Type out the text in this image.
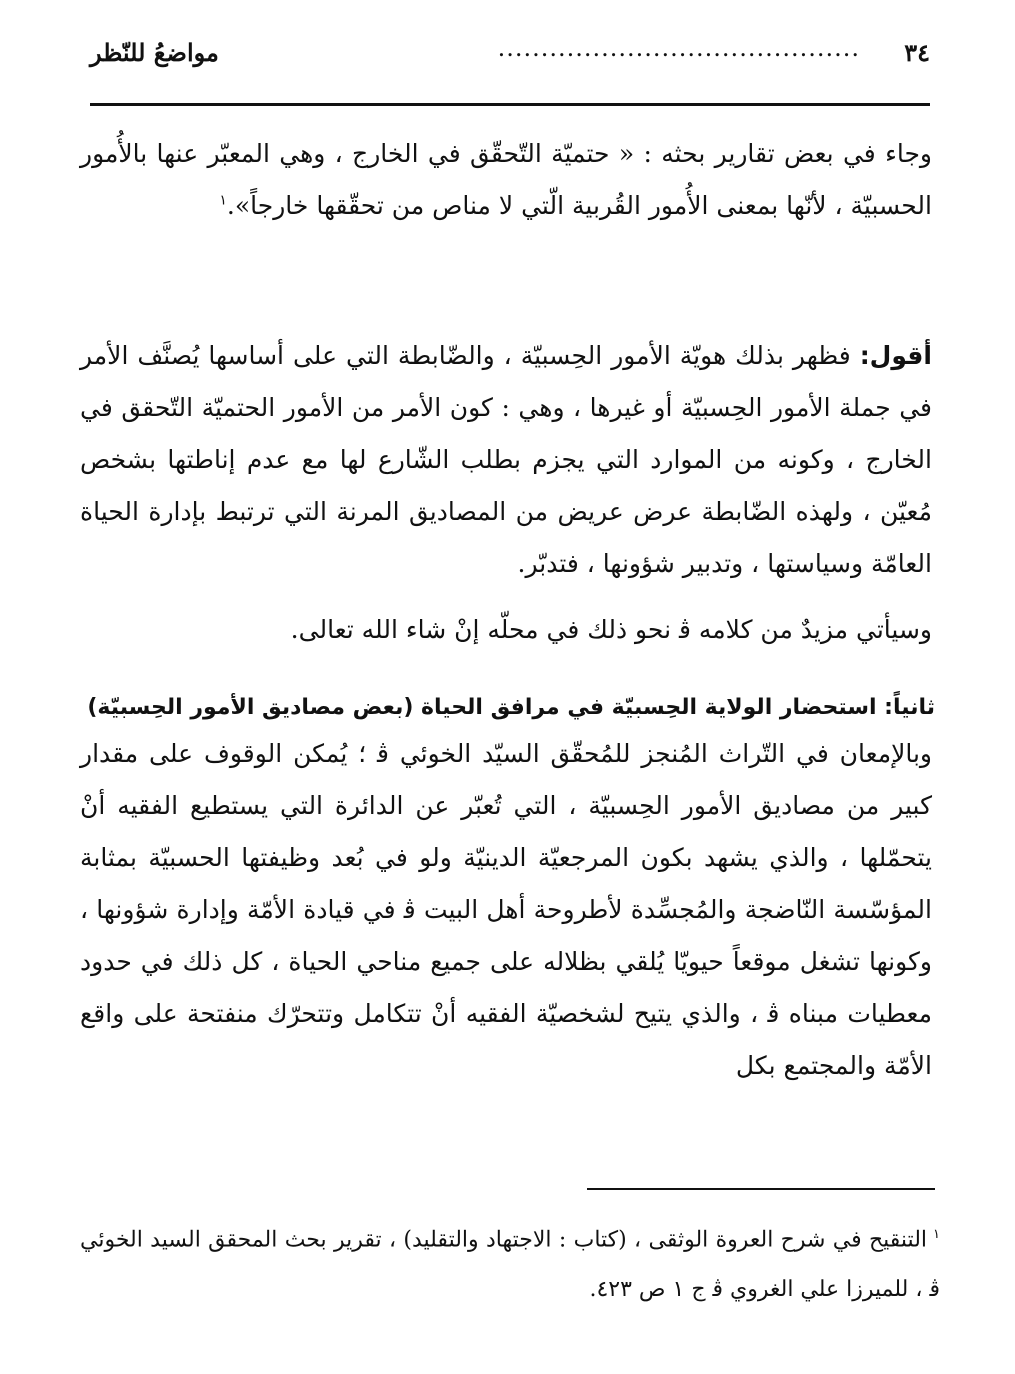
٣٤
..........................................
مواضعُ للنّظر
وجاء في بعض تقارير بحثه : « حتميّة التّحقّق في الخارج ، وهي المعبّر عنها بالأُمور الحسبيّة ، لأنّها بمعنى الأُمور القُربية الّتي لا مناص من تحقّقها خارجاً».$^١$
أقول: فظهر بذلك هويّة الأمور الحِسبيّة ، والضّابطة التي على أساسها يُصنَّف الأمر في جملة الأمور الحِسبيّة أو غيرها ، وهي : كون الأمر من الأمور الحتميّة التّحقق في الخارج ، وكونه من الموارد التي يجزم بطلب الشّارع لها مع عدم إناطتها بشخص مُعيّن ، ولهذه الضّابطة عرض عريض من المصاديق المرنة التي ترتبط بإدارة الحياة العامّة وسياستها ، وتدبير شؤونها ، فتدبّر.
وسيأتي مزيدٌ من كلامه ﭬ نحو ذلك في محلّه إنْ شاء الله تعالى.
ثانياً: استحضار الولاية الحِسبيّة في مرافق الحياة (بعض مصاديق الأمور الحِسبيّة)
وبالإمعان في التّراث المُنجز للمُحقّق السيّد الخوئي ﭬ ؛ يُمكن الوقوف على مقدار كبير من مصاديق الأمور الحِسبيّة ، التي تُعبّر عن الدائرة التي يستطيع الفقيه أنْ يتحمّلها ، والذي يشهد بكون المرجعيّة الدينيّة ولو في بُعد وظيفتها الحسبيّة بمثابة المؤسّسة النّاضجة والمُجسِّدة لأطروحة أهل البيت ﭬ في قيادة الأمّة وإدارة شؤونها ، وكونها تشغل موقعاً حيويّا يُلقي بظلاله على جميع مناحي الحياة ، كل ذلك في حدود معطيات مبناه ﭬ ، والذي يتيح لشخصيّة الفقيه أنْ تتكامل وتتحرّك منفتحة على واقع الأمّة والمجتمع بكل
$^١$التنقيح في شرح العروة الوثقى ، (كتاب : الاجتهاد والتقليد) ، تقرير بحث المحقق السيد الخوئي ﭬ ، للميرزا علي الغروي ﭬ ج ١ ص ٤٢٣.
